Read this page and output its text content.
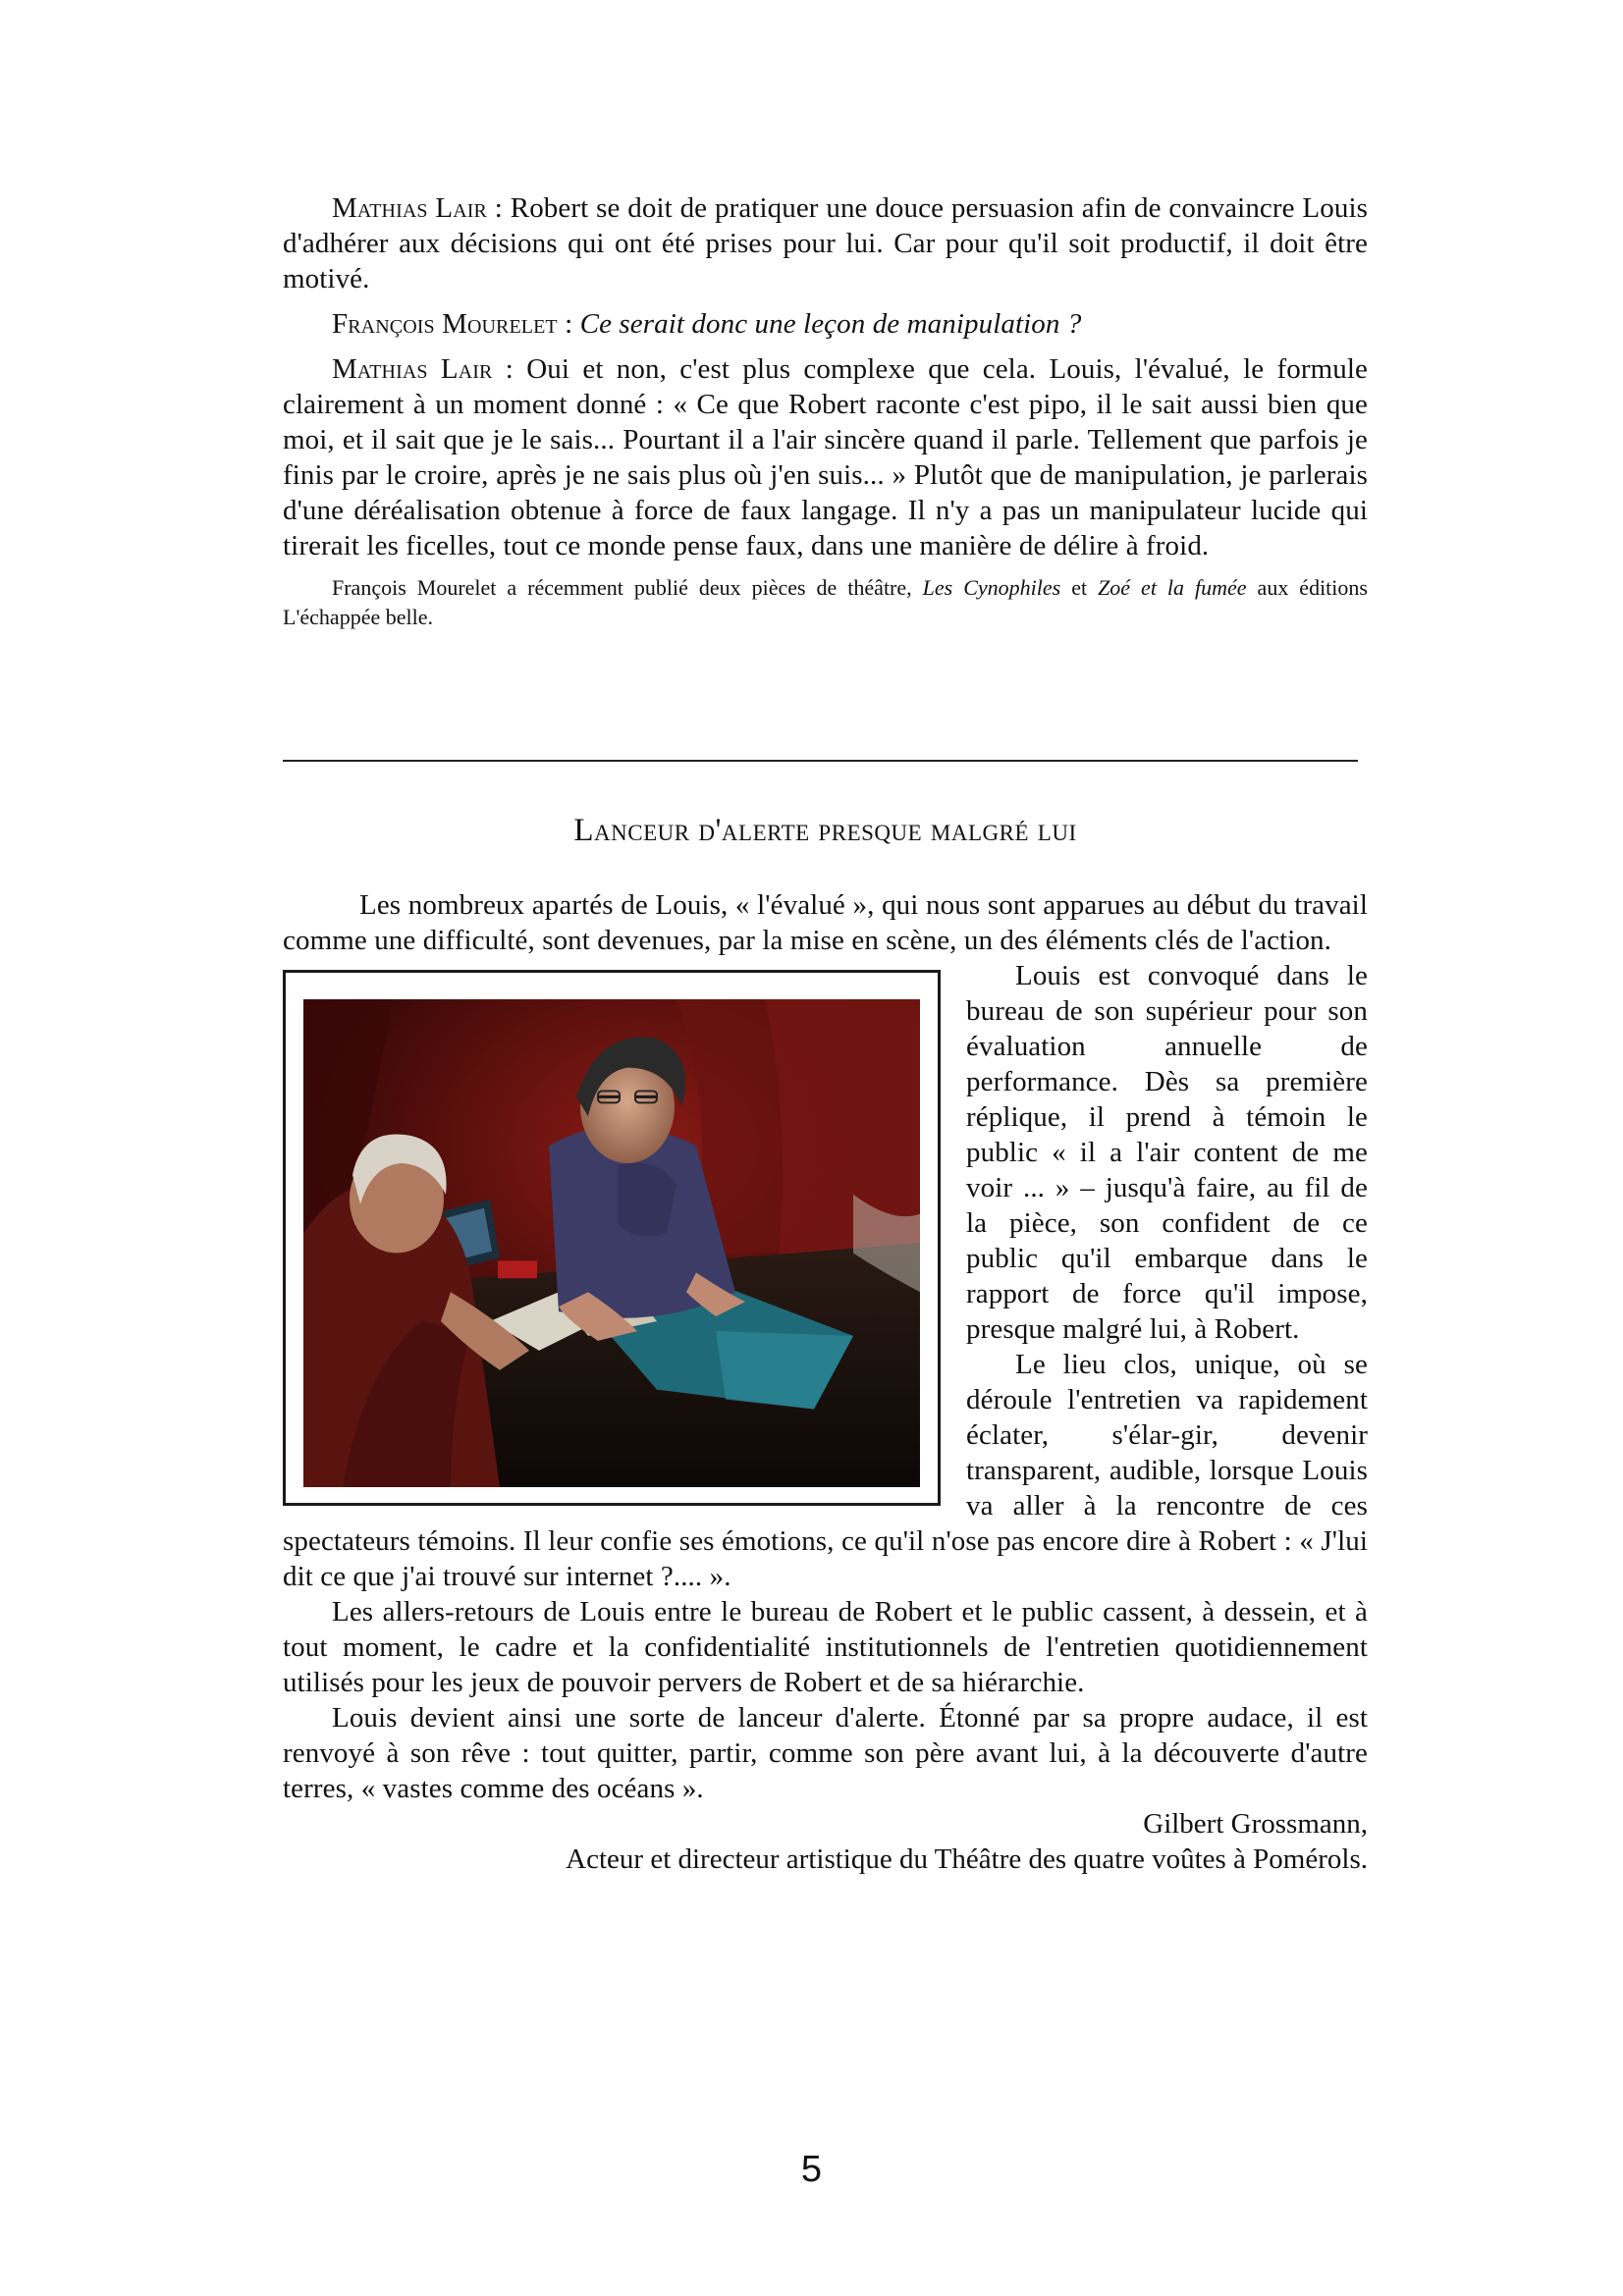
Mathias Lair : Robert se doit de pratiquer une douce persuasion afin de convaincre Louis d'adhérer aux décisions qui ont été prises pour lui. Car pour qu'il soit productif, il doit être motivé.

François Mourelet : Ce serait donc une leçon de manipulation ?

Mathias Lair : Oui et non, c'est plus complexe que cela. Louis, l'évalué, le formule clairement à un moment donné : « Ce que Robert raconte c'est pipo, il le sait aussi bien que moi, et il sait que je le sais... Pourtant il a l'air sincère quand il parle. Tellement que parfois je finis par le croire, après je ne sais plus où j'en suis... » Plutôt que de manipulation, je parlerais d'une déréalisation obtenue à force de faux langage. Il n'y a pas un manipulateur lucide qui tirerait les ficelles, tout ce monde pense faux, dans une manière de délire à froid.

François Mourelet a récemment publié deux pièces de théâtre, Les Cynophiles et Zoé et la fumée aux éditions L'échappée belle.

Lanceur d'alerte presque malgré lui

Les nombreux apartés de Louis, « l'évalué », qui nous sont apparues au début du travail comme une difficulté, sont devenues, par la mise en scène, un des éléments clés de l'action.

Louis est convoqué dans le bureau de son supérieur pour son évaluation annuelle de performance. Dès sa première réplique, il prend à témoin le public « il a l'air content de me voir ... » – jusqu'à faire, au fil de la pièce, son confident de ce public qu'il embarque dans le rapport de force qu'il impose, presque malgré lui, à Robert.

Le lieu clos, unique, où se déroule l'entretien va rapidement éclater, s'élar-gir, devenir transparent, audible, lorsque Louis va aller à la rencontre de ces spectateurs témoins. Il leur confie ses émotions, ce qu'il n'ose pas encore dire à Robert : « J'lui dit ce que j'ai trouvé sur internet ?.... ».

Les allers-retours de Louis entre le bureau de Robert et le public cassent, à dessein, et à tout moment, le cadre et la confidentialité institutionnels de l'entretien quotidiennement utilisés pour les jeux de pouvoir pervers de Robert et de sa hiérarchie.

Louis devient ainsi une sorte de lanceur d'alerte. Étonné par sa propre audace, il est renvoyé à son rêve : tout quitter, partir, comme son père avant lui, à la découverte d'autre terres, « vastes comme des océans ».

Gilbert Grossmann,
Acteur et directeur artistique du Théâtre des quatre voûtes à Pomérols.
5
